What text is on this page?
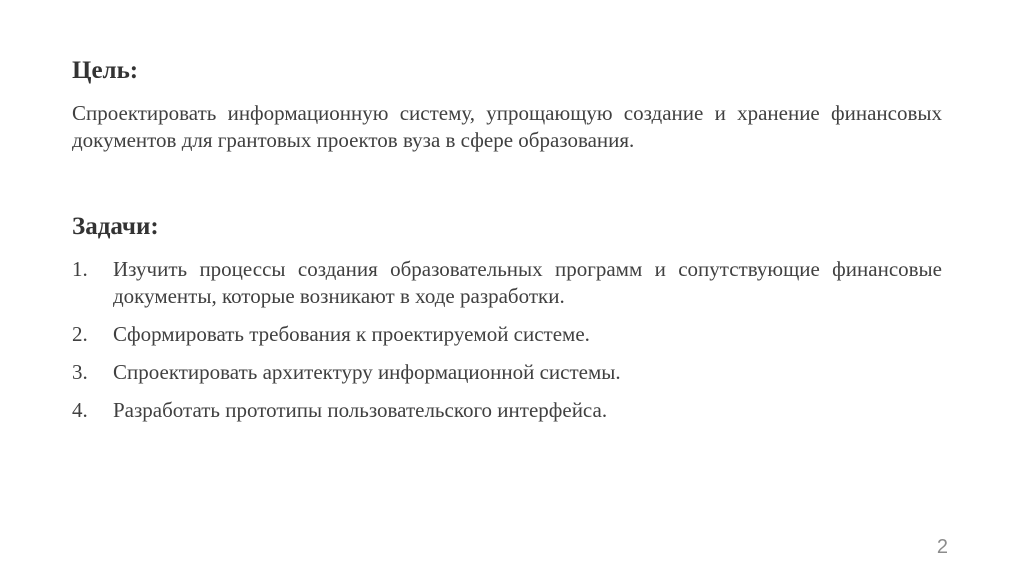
Цель:
Спроектировать информационную систему, упрощающую создание и хранение финансовых документов для грантовых проектов вуза в сфере образования.
Задачи:
1.	Изучить процессы создания образовательных программ и сопутствующие финансовые документы, которые возникают в ходе разработки.
2.	Сформировать требования к проектируемой системе.
3.	Спроектировать архитектуру информационной системы.
4.	Разработать прототипы пользовательского интерфейса.
2
